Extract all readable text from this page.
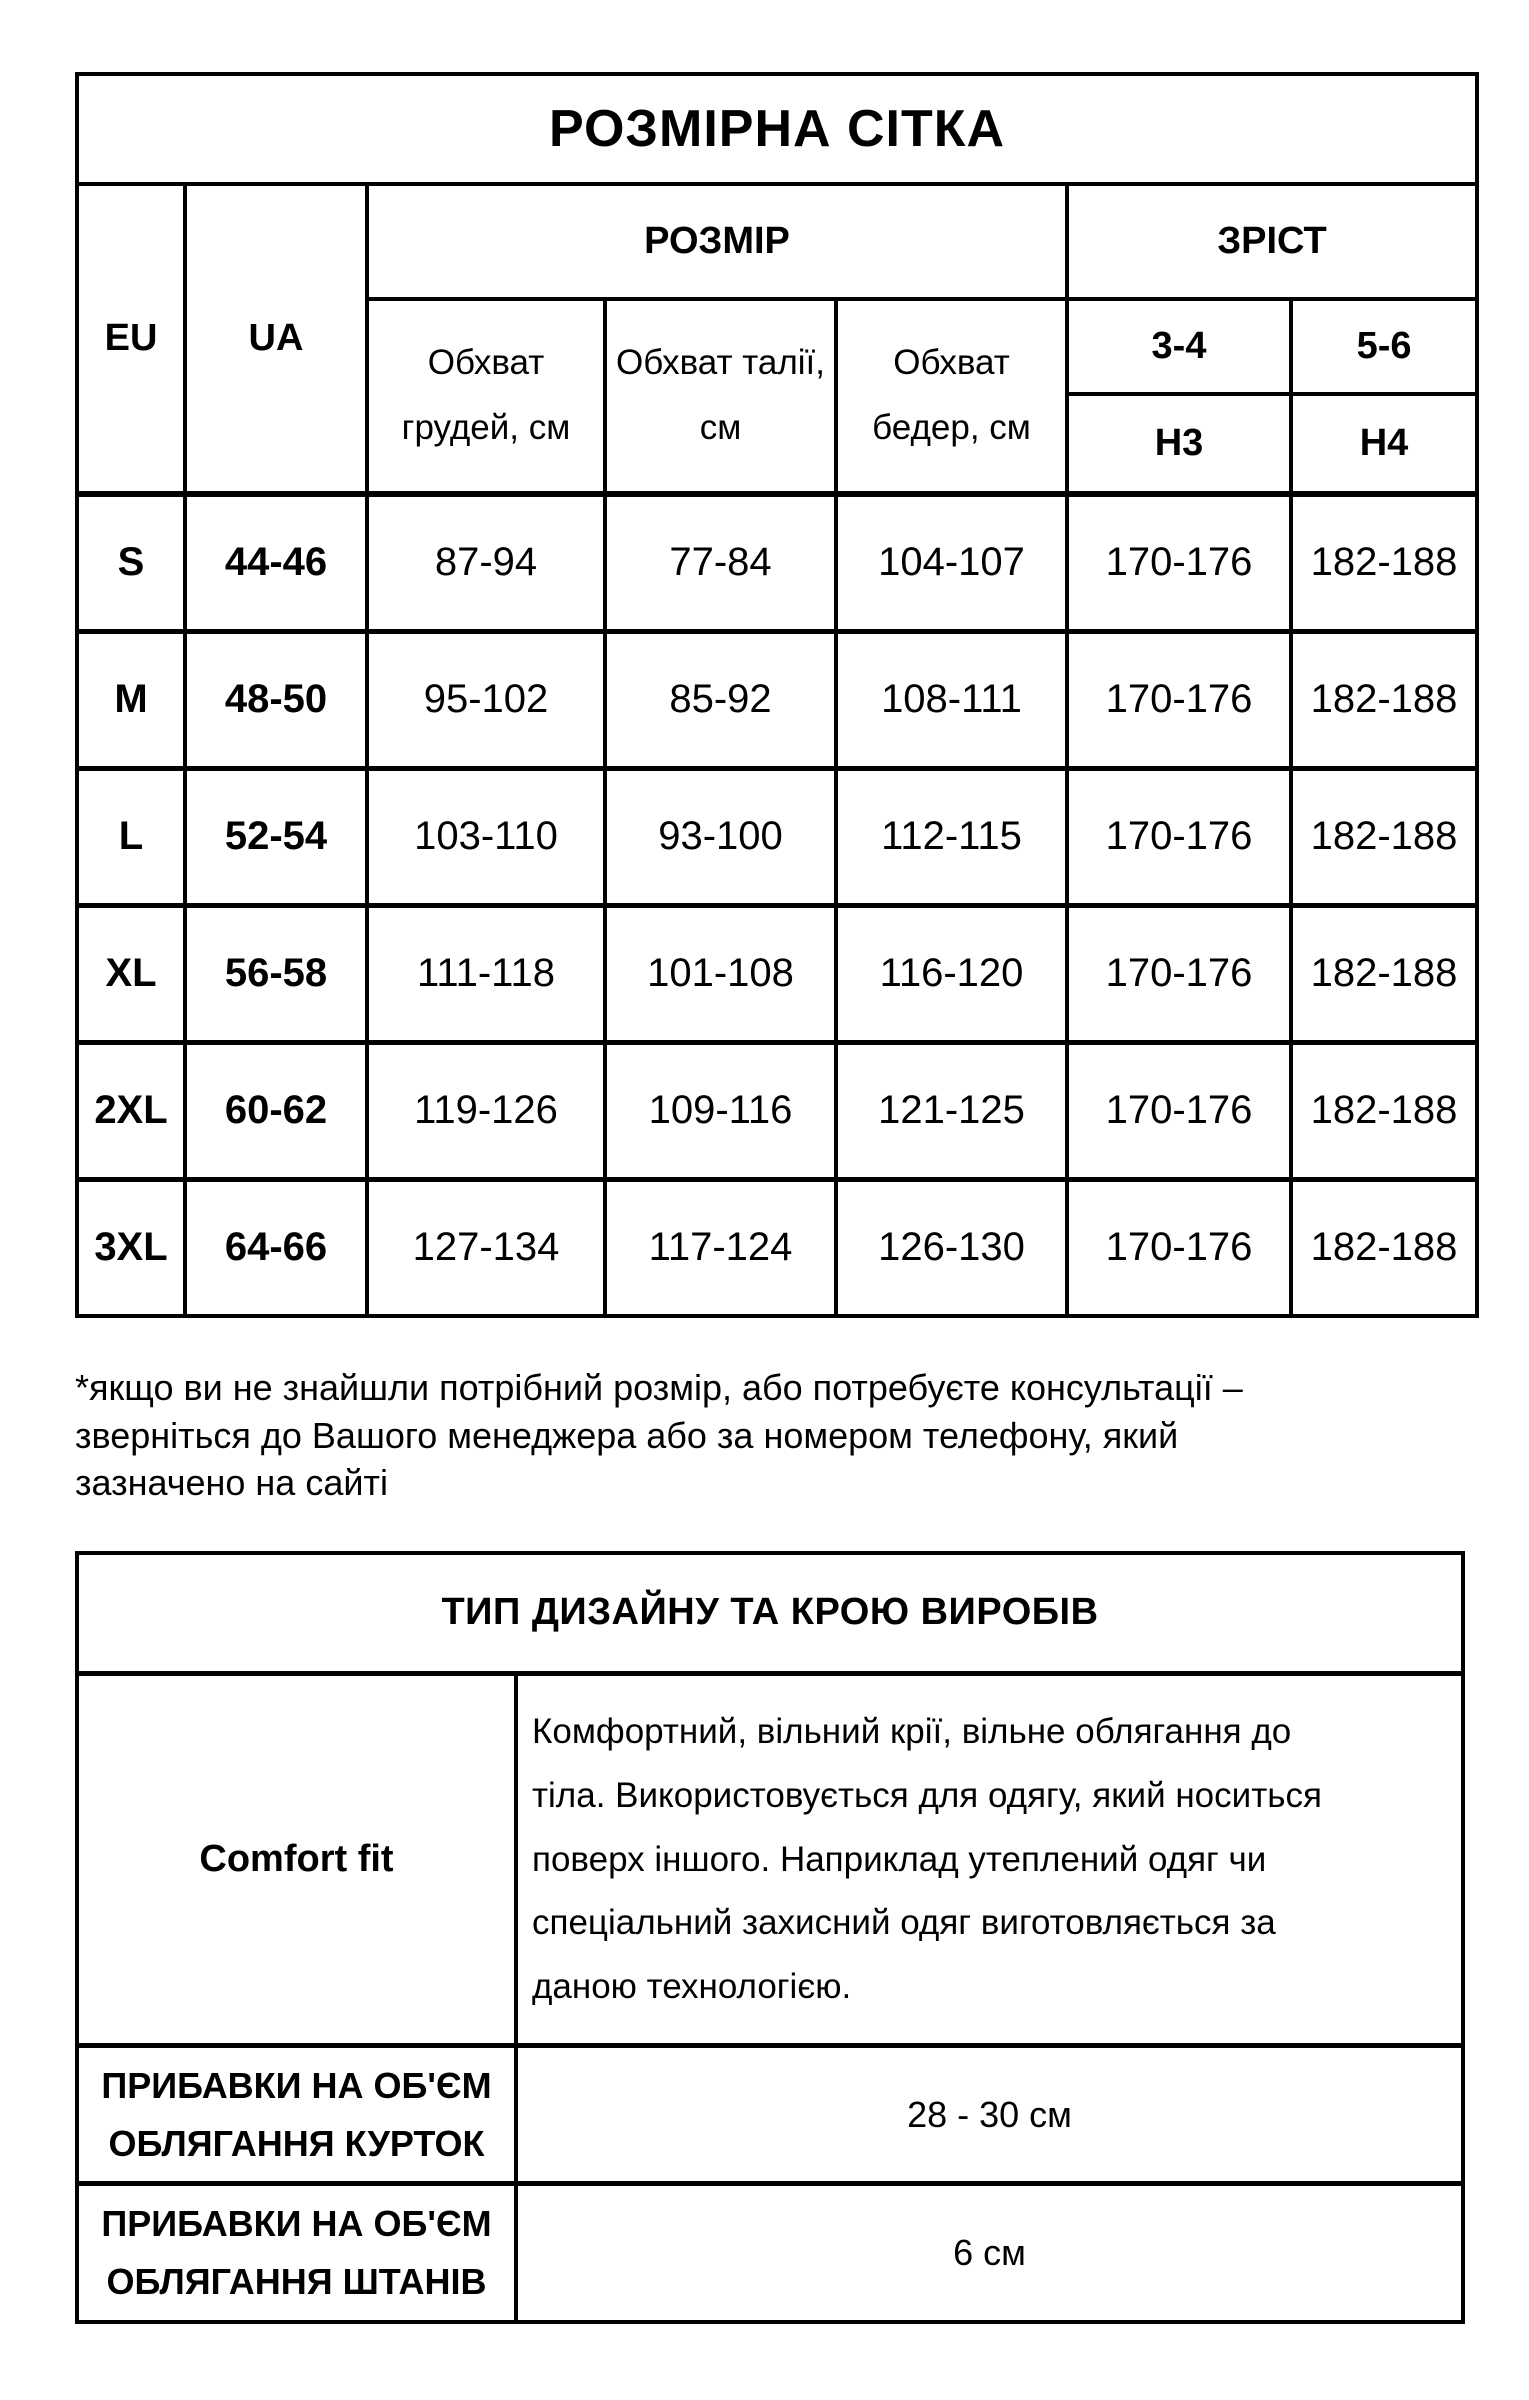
РОЗМІРНА СІТКА						
EU	UA	РОЗМІР			ЗРІСТ	
		Обхват грудей, см	Обхват талії, см	Обхват бедер, см	3-4	5-6
					Н3	Н4
S	44-46	87-94	77-84	104-107	170-176	182-188
M	48-50	95-102	85-92	108-111	170-176	182-188
L	52-54	103-110	93-100	112-115	170-176	182-188
XL	56-58	111-118	101-108	116-120	170-176	182-188
2XL	60-62	119-126	109-116	121-125	170-176	182-188
3XL	64-66	127-134	117-124	126-130	170-176	182-188
*якщо ви не знайшли потрібний розмір, або потребуєте консультації –
зверніться до Вашого менеджера або за номером телефону, який
зазначено на сайті
ТИП ДИЗАЙНУ ТА КРОЮ ВИРОБІВ	
Comfort fit	Комфортний, вільний крії, вільне облягання до
тіла. Використовується для одягу, який носиться
поверх іншого. Наприклад утеплений одяг чи
спеціальний захисний одяг виготовляється за
даною технологією.

ПРИБАВКИ НА ОБ'ЄМ ОБЛЯГАННЯ КУРТОК	28 - 30 см
ПРИБАВКИ НА ОБ'ЄМ ОБЛЯГАННЯ ШТАНІВ	6 см
